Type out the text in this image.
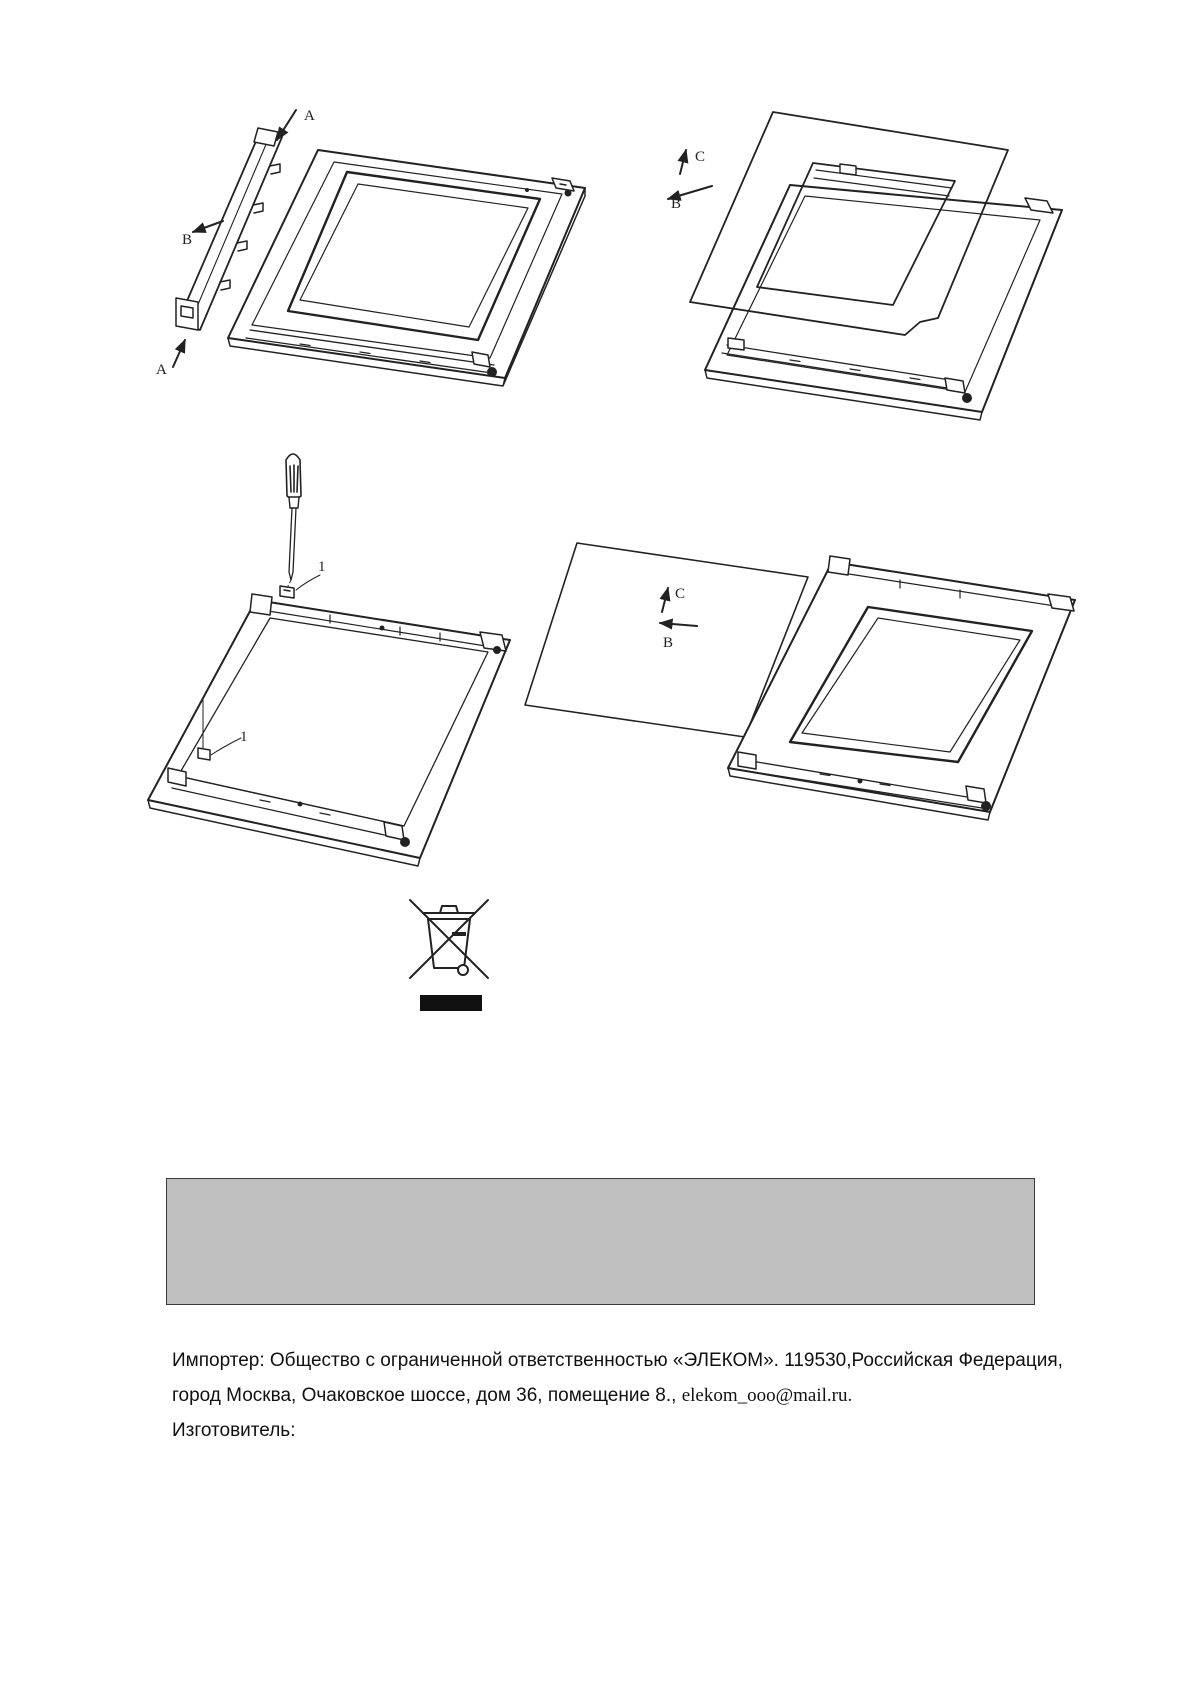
A
B
A
C
B
1
1
C
B
Импортер: Общество с ограниченной ответственностью «ЭЛЕКОМ». 119530,Российская Федерация,
город Москва, Очаковское шоссе, дом 36, помещение 8., elekom_ooo@mail.ru.
Изготовитель:
